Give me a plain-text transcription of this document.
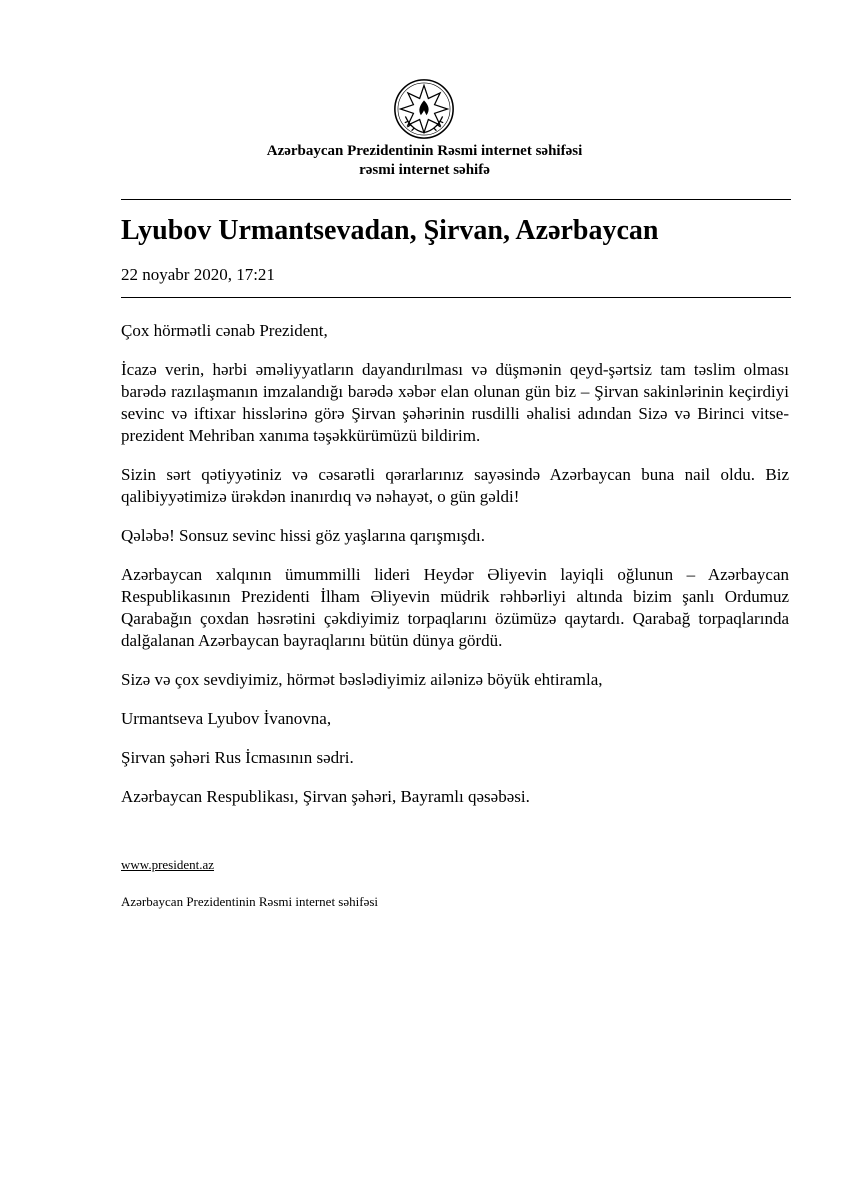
Azərbaycan Prezidentinin Rəsmi internet səhifəsi
rəsmi internet səhifə
Lyubov Urmantsevadan, Şirvan, Azərbaycan
22 noyabr 2020, 17:21

Çox hörmətli cənab Prezident,

İcazə verin, hərbi əməliyyatların dayandırılması və düşmənin qeyd-şərtsiz tam təslim olması barədə razılaşmanın imzalandığı barədə xəbər elan olunan gün biz – Şirvan sakinlərinin keçirdiyi sevinc və iftixar hisslərinə görə Şirvan şəhərinin rusdilli əhalisi adından Sizə və Birinci vitse-prezident Mehriban xanıma təşəkkürümüzü bildirim.

Sizin sərt qətiyyətiniz və cəsarətli qərarlarınız sayəsində Azərbaycan buna nail oldu. Biz qalibiyyətimizə ürəkdən inanırdıq və nəhayət, o gün gəldi!

Qələbə! Sonsuz sevinc hissi göz yaşlarına qarışmışdı.

Azərbaycan xalqının ümummilli lideri Heydər Əliyevin layiqli oğlunun – Azərbaycan Respublikasının Prezidenti İlham Əliyevin müdrik rəhbərliyi altında bizim şanlı Ordumuz Qarabağın çoxdan həsrətini çəkdiyimiz torpaqlarını özümüzə qaytardı. Qarabağ torpaqlarında dalğalanan Azərbaycan bayraqlarını bütün dünya gördü.

Sizə və çox sevdiyimiz, hörmət bəslədiyimiz ailənizə böyük ehtiramla,

Urmantseva Lyubov İvanovna,

Şirvan şəhəri Rus İcmasının sədri.

Azərbaycan Respublikası, Şirvan şəhəri, Bayramlı qəsəbəsi.

www.president.az
Azərbaycan Prezidentinin Rəsmi internet səhifəsi
